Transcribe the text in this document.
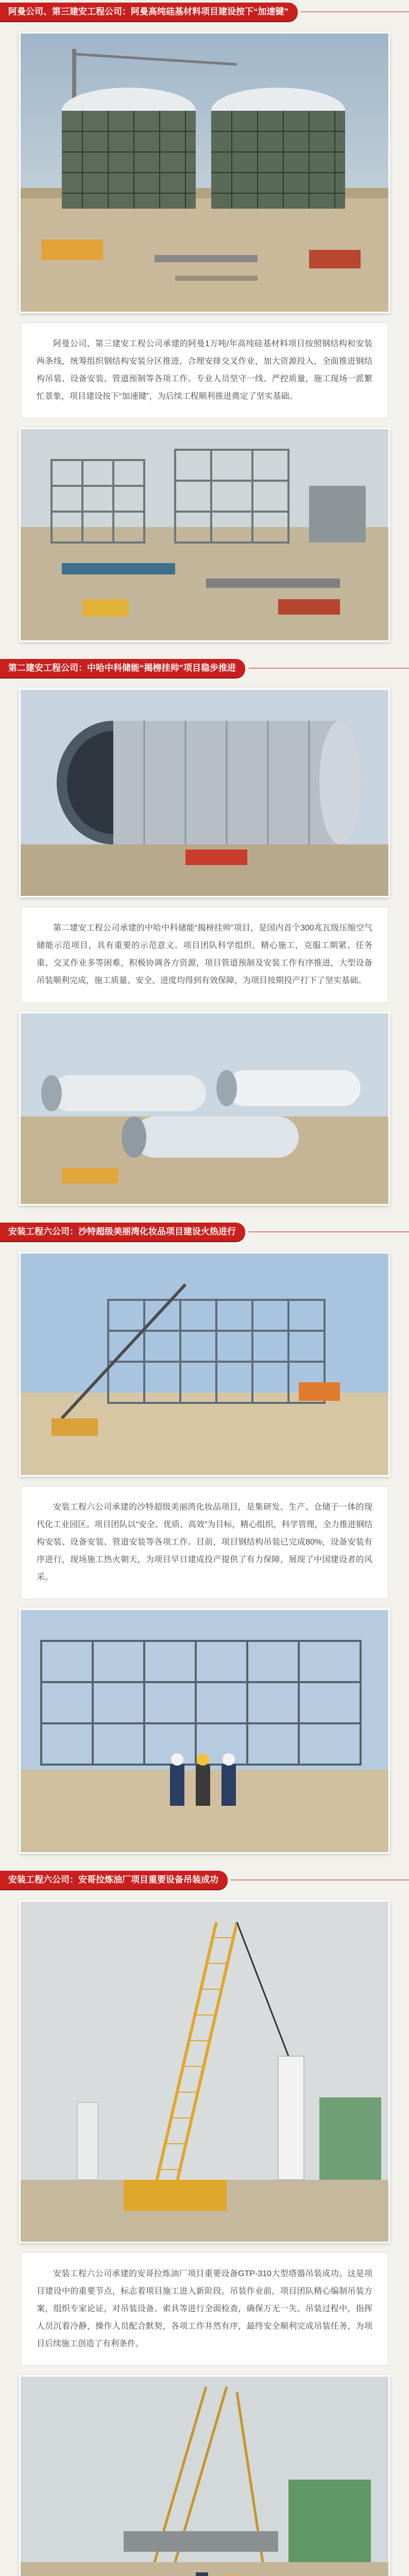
阿曼公司、第三建安工程公司：阿曼高纯硅基材料项目建设按下“加速键”
阿曼公司、第三建安工程公司承建的阿曼1万吨/年高纯硅基材料项目按照钢结构和安装两条线，统筹组织钢结构安装分区推进，合理安排交叉作业，加大资源投入，全面推进钢结构吊装、设备安装、管道预制等各项工作。专业人员坚守一线、严控质量，施工现场一派繁忙景象，项目建设按下“加速键”，为后续工程顺利推进奠定了坚实基础。
第二建安工程公司：中哈中科储能“揭榜挂帅”项目稳步推进
第二建安工程公司承建的中哈中科储能“揭榜挂帅”项目，是国内首个300兆瓦级压缩空气储能示范项目，具有重要的示范意义。项目团队科学组织、精心施工，克服工期紧、任务重、交叉作业多等困难，积极协调各方资源，项目管道预制及安装工作有序推进，大型设备吊装顺利完成，施工质量、安全、进度均得到有效保障，为项目按期投产打下了坚实基础。
安装工程六公司：沙特超级美丽湾化妆品项目建设火热进行
安装工程六公司承建的沙特超级美丽湾化妆品项目，是集研发、生产、仓储于一体的现代化工业园区。项目团队以“安全、优质、高效”为目标，精心组织，科学管理，全力推进钢结构安装、设备安装、管道安装等各项工作。目前，项目钢结构吊装已完成80%，设备安装有序进行，现场施工热火朝天，为项目早日建成投产提供了有力保障，展现了中国建设者的风采。
安装工程六公司：安哥拉炼油厂项目重要设备吊装成功
安装工程六公司承建的安哥拉炼油厂项目重要设备GTP-310大型塔器吊装成功。这是项目建设中的重要节点，标志着项目施工进入新阶段。吊装作业前，项目团队精心编制吊装方案，组织专家论证，对吊装设备、索具等进行全面检查，确保万无一失。吊装过程中，指挥人员沉着冷静，操作人员配合默契，各项工作井然有序，最终安全顺利完成吊装任务，为项目后续施工创造了有利条件。
